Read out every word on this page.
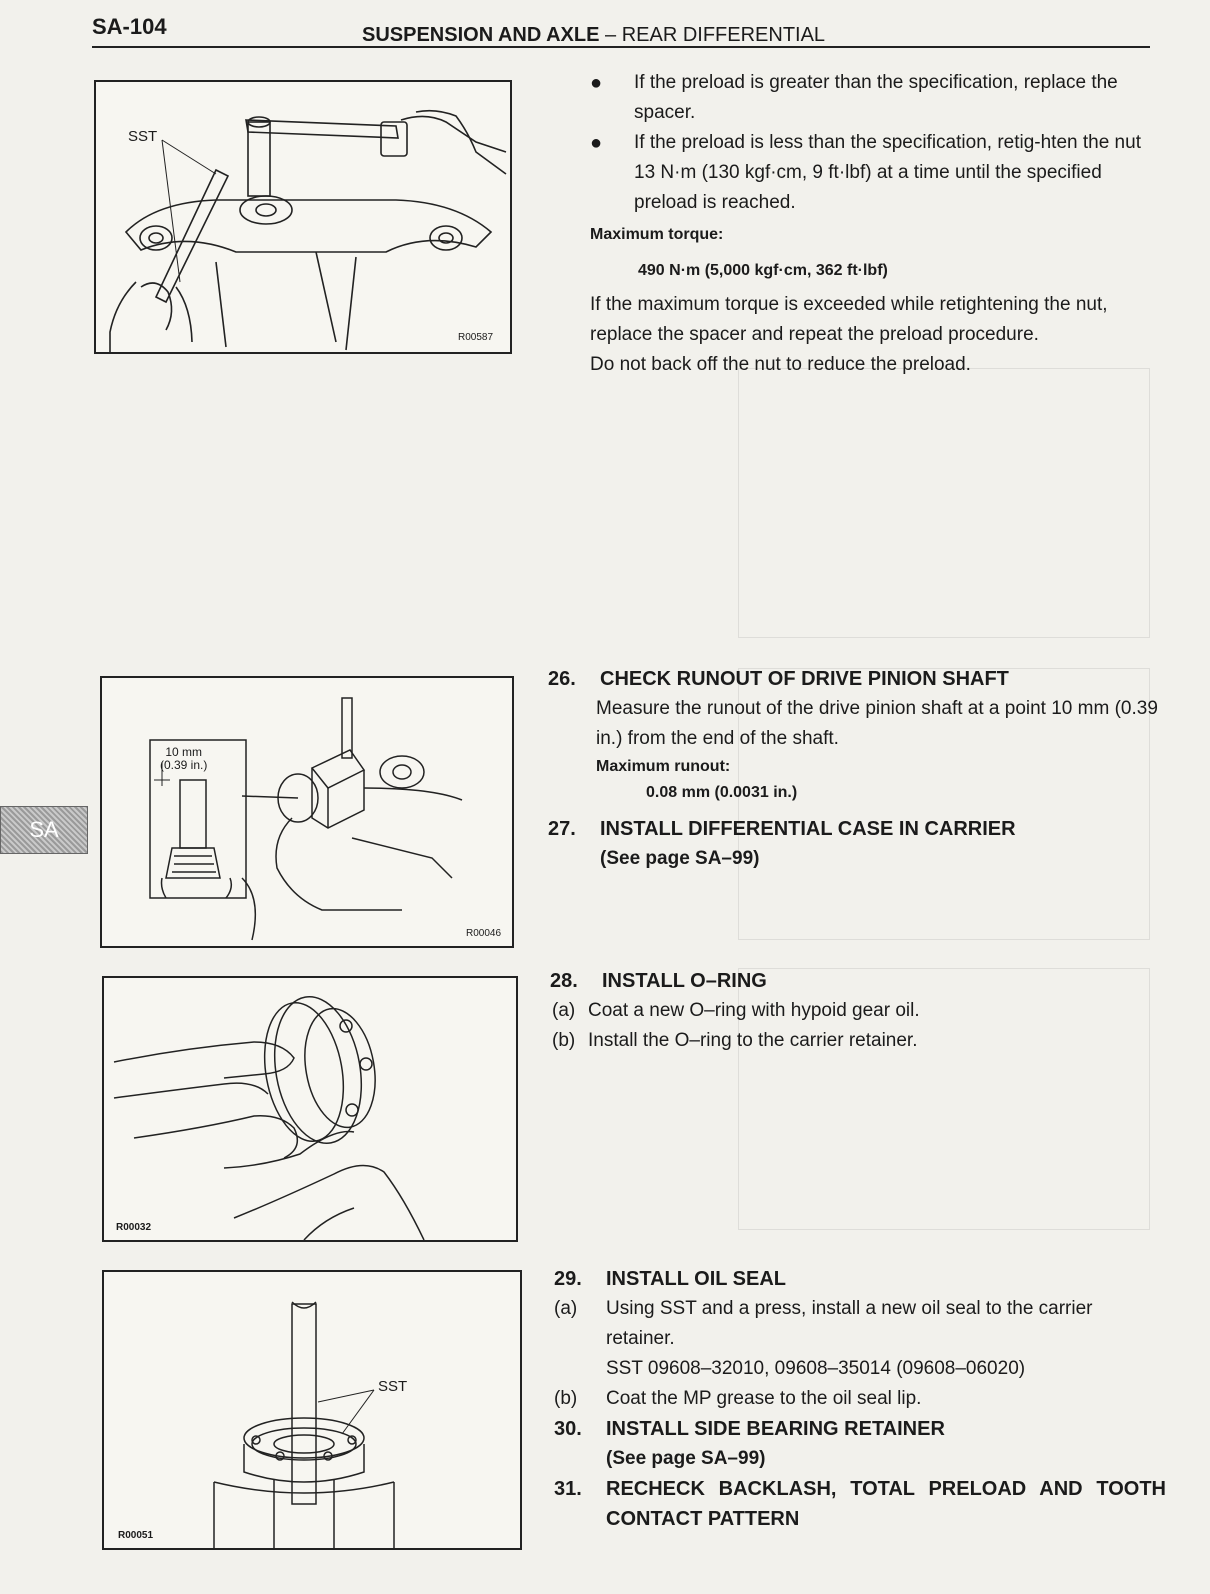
SA-104	SUSPENSION AND AXLE – REAR DIFFERENTIAL
SA
SST
R00587
●	If the preload is greater than the specification, replace the spacer.
●	If the preload is less than the specification, retig-hten the nut 13 N·m (130 kgf·cm, 9 ft·lbf) at a time until the specified preload is reached.
Maximum torque:
490 N·m (5,000 kgf·cm, 362 ft·lbf)
If the maximum torque is exceeded while retightening the nut, replace the spacer and repeat the preload procedure.
Do not back off the nut to reduce the preload.
10 mm
(0.39 in.)
R00046
26.	CHECK RUNOUT OF DRIVE PINION SHAFT
Measure the runout of the drive pinion shaft at a point 10 mm (0.39 in.) from the end of the shaft.
Maximum runout:
0.08 mm (0.0031 in.)
27.	INSTALL DIFFERENTIAL CASE IN CARRIER
(See page SA–99)
R00032
28.	INSTALL O–RING
(a) Coat a new O–ring with hypoid gear oil.
(b) Install the O–ring to the carrier retainer.
SST
R00051
29.	INSTALL OIL SEAL
(a)	Using SST and a press, install a new oil seal to the carrier retainer.
SST 09608–32010, 09608–35014 (09608–06020)
(b)	Coat the MP grease to the oil seal lip.
30.	INSTALL SIDE BEARING RETAINER
(See page SA–99)
31.	RECHECK BACKLASH, TOTAL PRELOAD AND TOOTH CONTACT PATTERN
